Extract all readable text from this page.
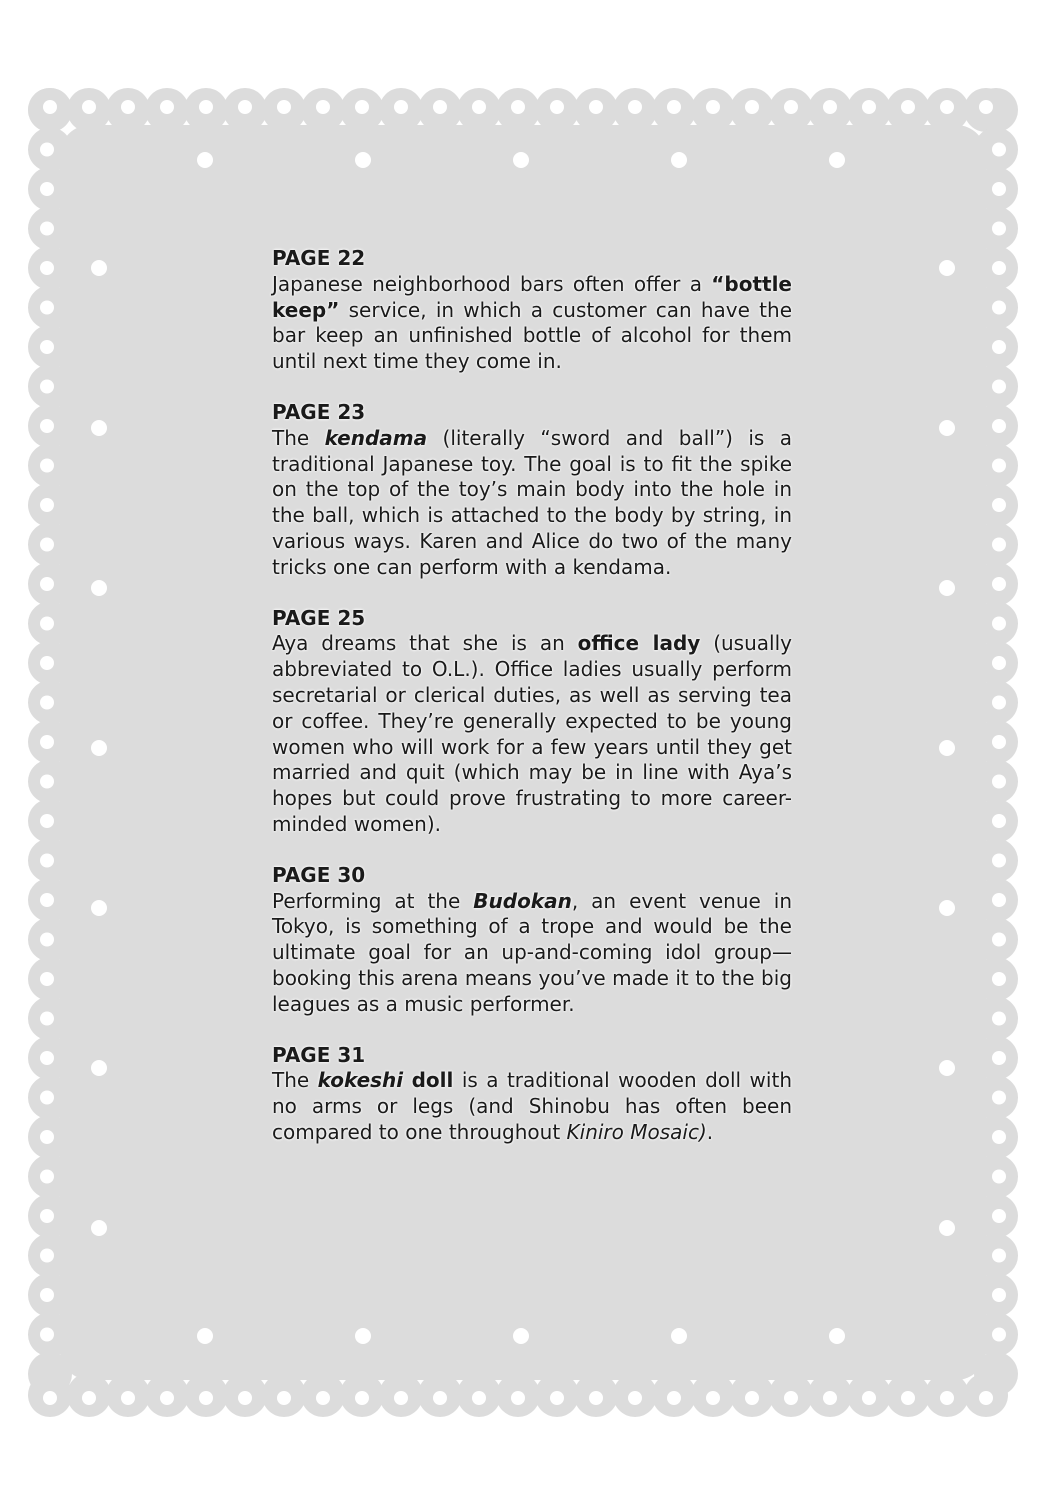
PAGE 22
Japanese neighborhood bars often offer a “bottle keep” service, in which a customer can have the bar keep an unfinished bottle of alcohol for them until next time they come in.
PAGE 23
The kendama (literally “sword and ball”) is a traditional Japanese toy. The goal is to fit the spike on the top of the toy’s main body into the hole in the ball, which is attached to the body by string, in various ways. Karen and Alice do two of the many tricks one can perform with a kendama.
PAGE 25
Aya dreams that she is an office lady (usually abbreviated to O.L.). Office ladies usually perform secretarial or clerical duties, as well as serving tea or coffee. They’re generally expected to be young women who will work for a few years until they get married and quit (which may be in line with Aya’s hopes but could prove frustrating to more career-minded women).
PAGE 30
Performing at the Budokan, an event venue in Tokyo, is something of a trope and would be the ultimate goal for an up-and-coming idol group—booking this arena means you’ve made it to the big leagues as a music performer.
PAGE 31
The kokeshi doll is a traditional wooden doll with no arms or legs (and Shinobu has often been compared to one throughout Kiniro Mosaic).
